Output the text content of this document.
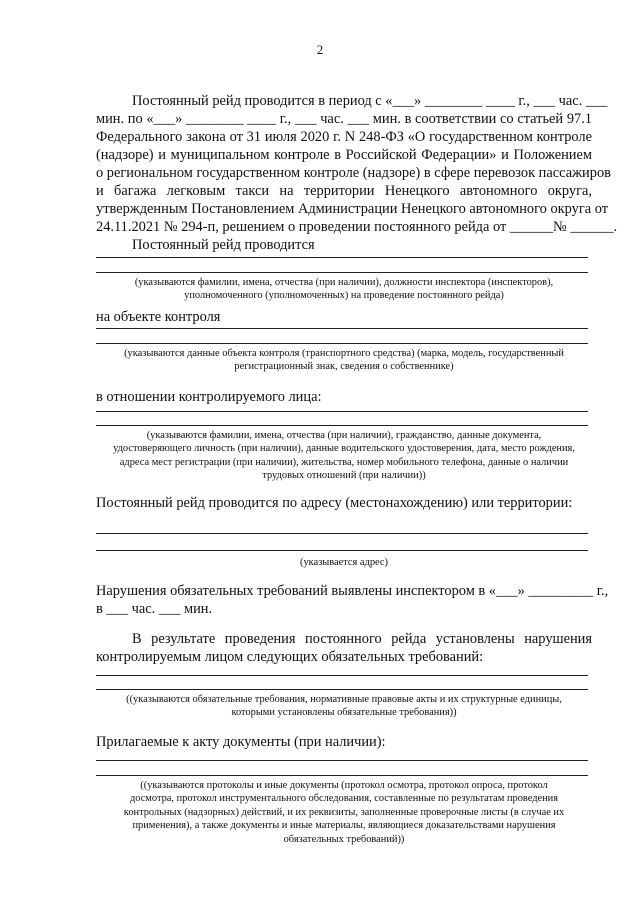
2
Постоянный рейд проводится в период с «___» ________ ____ г., ___ час. ___
мин. по «___» ________ ____ г., ___ час. ___ мин. в соответствии со статьей 97.1
Федерального закона от 31 июля 2020 г. N 248-ФЗ «О государственном контроле
(надзоре) и муниципальном контроле в Российской Федерации» и Положением
о региональном государственном контроле (надзоре) в сфере перевозок пассажиров
и багажа легковым такси на территории Ненецкого автономного округа,
утвержденным Постановлением Администрации Ненецкого автономного округа от
24.11.2021 № 294-п, решением о проведении постоянного рейда от ______№ ______.
Постоянный рейд проводится
(указываются фамилии, имена, отчества (при наличии), должности инспектора (инспекторов),
уполномоченного (уполномоченных) на проведение постоянного рейда)
на объекте контроля
(указываются данные объекта контроля (транспортного средства) (марка, модель, государственный
регистрационный знак, сведения о собственнике)
в отношении контролируемого лица:
(указываются фамилии, имена, отчества (при наличии), гражданство, данные документа,
удостоверяющего личность (при наличии), данные водительского удостоверения, дата, место рождения,
адреса мест регистрации (при наличии), жительства, номер мобильного телефона, данные о наличии
трудовых отношений (при наличии))
Постоянный рейд проводится по адресу (местонахождению) или территории:
(указывается адрес)
Нарушения обязательных требований выявлены инспектором в «___» _________ г.,
в ___ час. ___ мин.
В результате проведения постоянного рейда установлены нарушения
контролируемым лицом следующих обязательных требований:
((указываются обязательные требования, нормативные правовые акты и их структурные единицы,
которыми установлены обязательные требования))
Прилагаемые к акту документы (при наличии):
((указываются протоколы и иные документы (протокол осмотра, протокол опроса, протокол
досмотра, протокол инструментального обследования, составленные по результатам проведения
контрольных (надзорных) действий, и их реквизиты, заполненные проверочные листы (в случае их
применения), а также документы и иные материалы, являющиеся доказательствами нарушения
обязательных требований))
